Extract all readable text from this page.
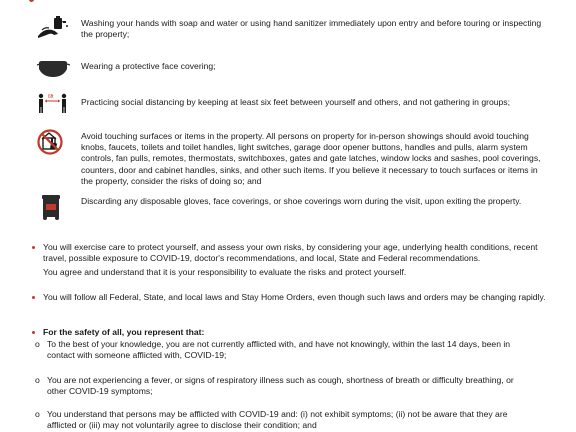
Washing your hands with soap and water or using hand sanitizer immediately upon entry and before touring or inspecting the property;
Wearing a protective face covering;
6ft	Practicing social distancing by keeping at least six feet between yourself and others, and not gathering in groups;
Avoid touching surfaces or items in the property. All persons on property for in-person showings should avoid touching knobs, faucets, toilets and toilet handles, light switches, garage door opener buttons, handles and pulls, alarm system controls, fan pulls, remotes, thermostats, switchboxes, gates and gate latches, window locks and sashes, pool coverings, counters, door and cabinet handles, sinks, and other such items. If you believe it necessary to touch surfaces or items in the property, consider the risks of doing so; and
Discarding any disposable gloves, face coverings, or shoe coverings worn during the visit, upon exiting the property.
You will exercise care to protect yourself, and assess your own risks, by considering your age, underlying health conditions, recent travel, possible exposure to COVID-19, doctor's recommendations, and local, State and Federal recommendations.
You agree and understand that it is your responsibility to evaluate the risks and protect yourself.
You will follow all Federal, State, and local laws and Stay Home Orders, even though such laws and orders may be changing rapidly.
For the safety of all, you represent that:
o To the best of your knowledge, you are not currently afflicted with, and have not knowingly, within the last 14 days, been in contact with someone afflicted with, COVID-19;
o You are not experiencing a fever, or signs of respiratory illness such as cough, shortness of breath or difficulty breathing, or other COVID-19 symptoms;
o You understand that persons may be afflicted with COVID-19 and: (i) not exhibit symptoms; (ii) not be aware that they are afflicted or (iii) may not voluntarily agree to disclose their condition; and
